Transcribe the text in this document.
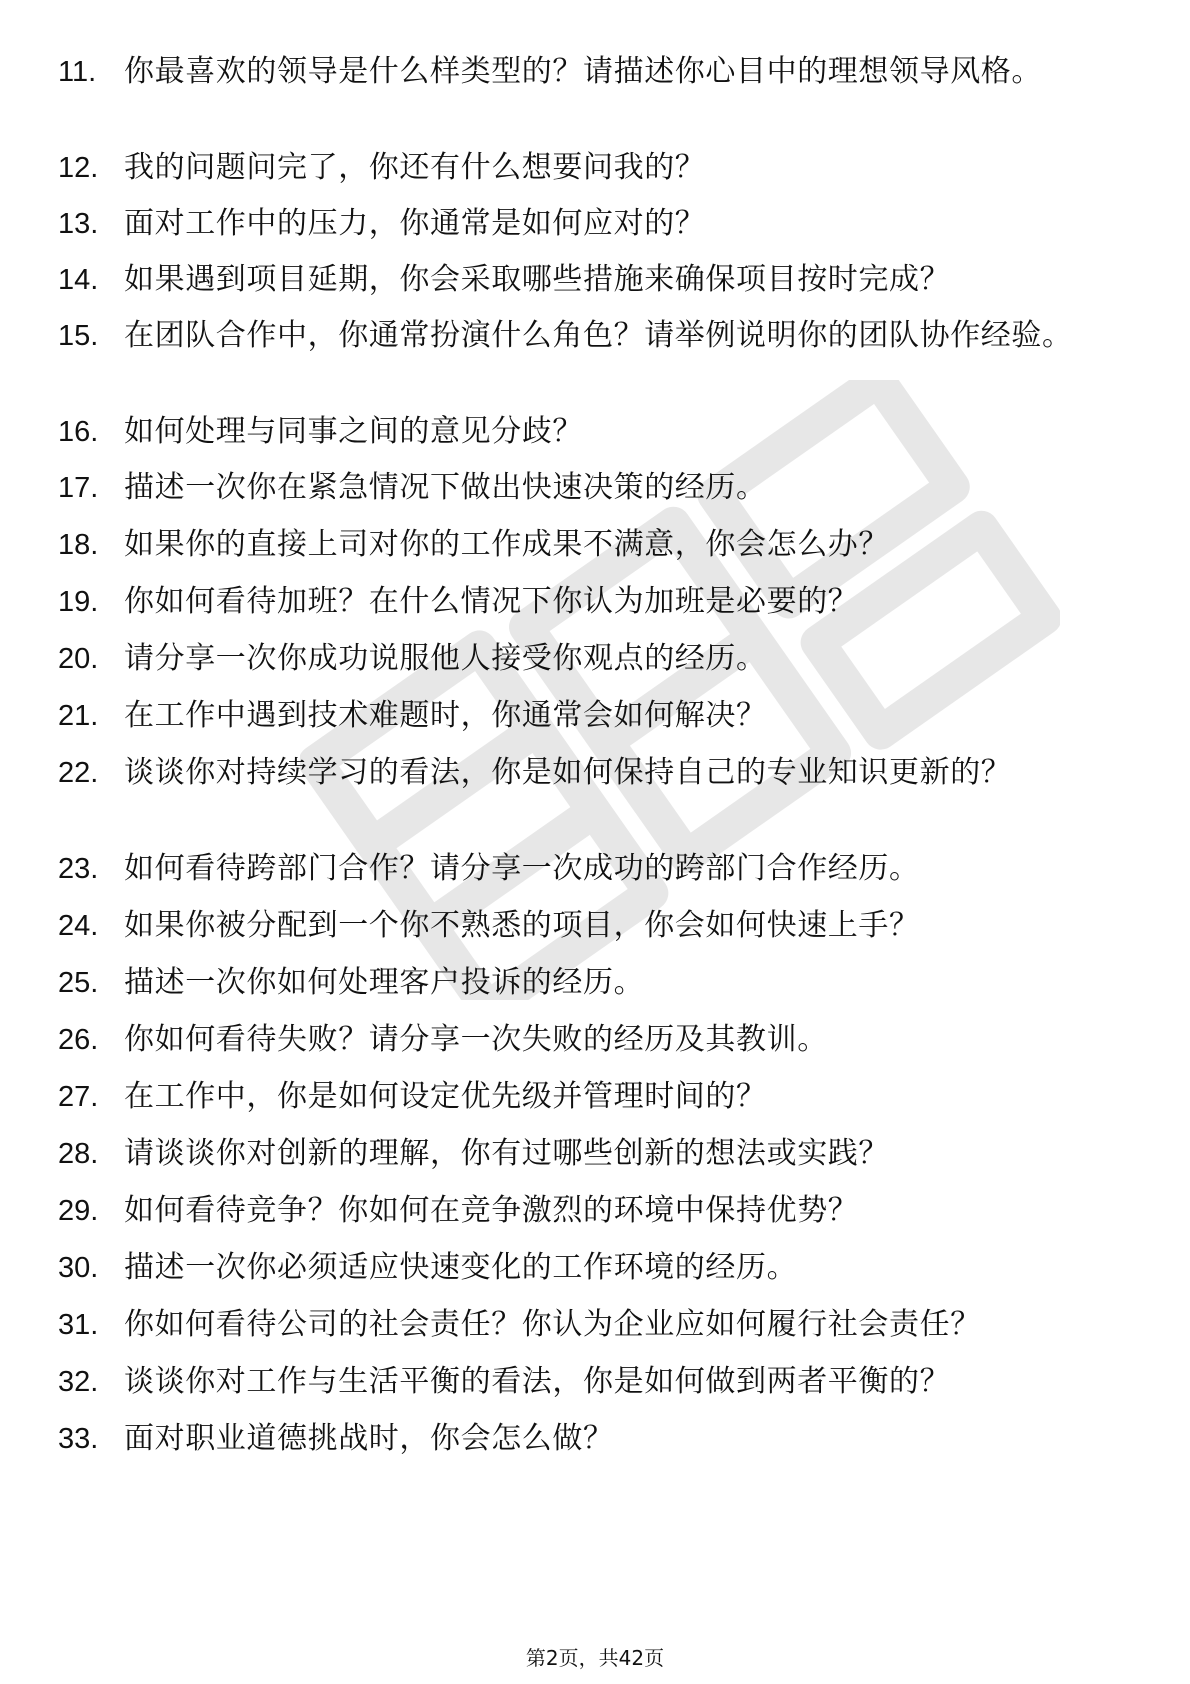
11. 你最喜欢的领导是什么样类型的？请描述你心目中的理想领导风格。
12. 我的问题问完了，你还有什么想要问我的？
13. 面对工作中的压力，你通常是如何应对的？
14. 如果遇到项目延期，你会采取哪些措施来确保项目按时完成？
15. 在团队合作中，你通常扮演什么角色？请举例说明你的团队协作经验。
16. 如何处理与同事之间的意见分歧？
17. 描述一次你在紧急情况下做出快速决策的经历。
18. 如果你的直接上司对你的工作成果不满意，你会怎么办？
19. 你如何看待加班？在什么情况下你认为加班是必要的？
20. 请分享一次你成功说服他人接受你观点的经历。
21. 在工作中遇到技术难题时，你通常会如何解决？
22. 谈谈你对持续学习的看法，你是如何保持自己的专业知识更新的？
23. 如何看待跨部门合作？请分享一次成功的跨部门合作经历。
24. 如果你被分配到一个你不熟悉的项目，你会如何快速上手？
25. 描述一次你如何处理客户投诉的经历。
26. 你如何看待失败？请分享一次失败的经历及其教训。
27. 在工作中，你是如何设定优先级并管理时间的？
28. 请谈谈你对创新的理解，你有过哪些创新的想法或实践？
29. 如何看待竞争？你如何在竞争激烈的环境中保持优势？
30. 描述一次你必须适应快速变化的工作环境的经历。
31. 你如何看待公司的社会责任？你认为企业应如何履行社会责任？
32. 谈谈你对工作与生活平衡的看法，你是如何做到两者平衡的？
33. 面对职业道德挑战时，你会怎么做？
第2页，共42页
